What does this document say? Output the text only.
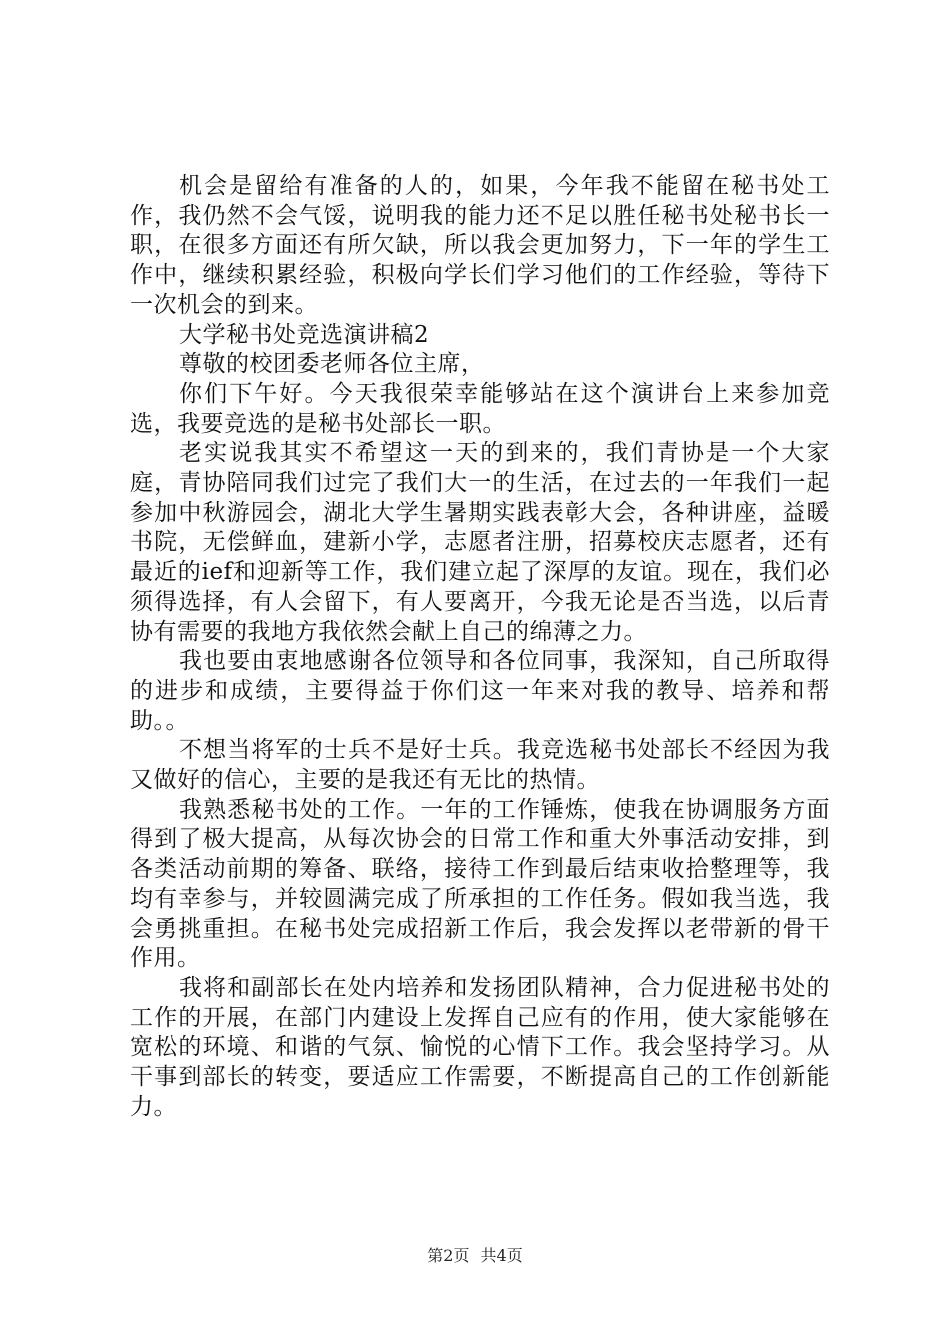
机会是留给有准备的人的，如果，今年我不能留在秘书处工作，我仍然不会气馁，说明我的能力还不足以胜任秘书处秘书长一职，在很多方面还有所欠缺，所以我会更加努力，下一年的学生工作中，继续积累经验，积极向学长们学习他们的工作经验，等待下一次机会的到来。

大学秘书处竞选演讲稿2

尊敬的校团委老师各位主席，

你们下午好。今天我很荣幸能够站在这个演讲台上来参加竞选，我要竞选的是秘书处部长一职。

老实说我其实不希望这一天的到来的，我们青协是一个大家庭，青协陪同我们过完了我们大一的生活，在过去的一年我们一起参加中秋游园会，湖北大学生暑期实践表彰大会，各种讲座，益暖书院，无偿鲜血，建新小学，志愿者注册，招募校庆志愿者，还有最近的ief和迎新等工作，我们建立起了深厚的友谊。现在，我们必须得选择，有人会留下，有人要离开，今我无论是否当选，以后青协有需要的我地方我依然会献上自己的绵薄之力。

我也要由衷地感谢各位领导和各位同事，我深知，自己所取得的进步和成绩，主要得益于你们这一年来对我的教导、培养和帮助。。

不想当将军的士兵不是好士兵。我竞选秘书处部长不经因为我又做好的信心，主要的是我还有无比的热情。

我熟悉秘书处的工作。一年的工作锤炼，使我在协调服务方面得到了极大提高，从每次协会的日常工作和重大外事活动安排，到各类活动前期的筹备、联络，接待工作到最后结束收拾整理等，我均有幸参与，并较圆满完成了所承担的工作任务。假如我当选，我会勇挑重担。在秘书处完成招新工作后，我会发挥以老带新的骨干作用。

我将和副部长在处内培养和发扬团队精神，合力促进秘书处的工作的开展，在部门内建设上发挥自己应有的作用，使大家能够在宽松的环境、和谐的气氛、愉悦的心情下工作。我会坚持学习。从干事到部长的转变，要适应工作需要，不断提高自己的工作创新能力。

第2页 共4页
